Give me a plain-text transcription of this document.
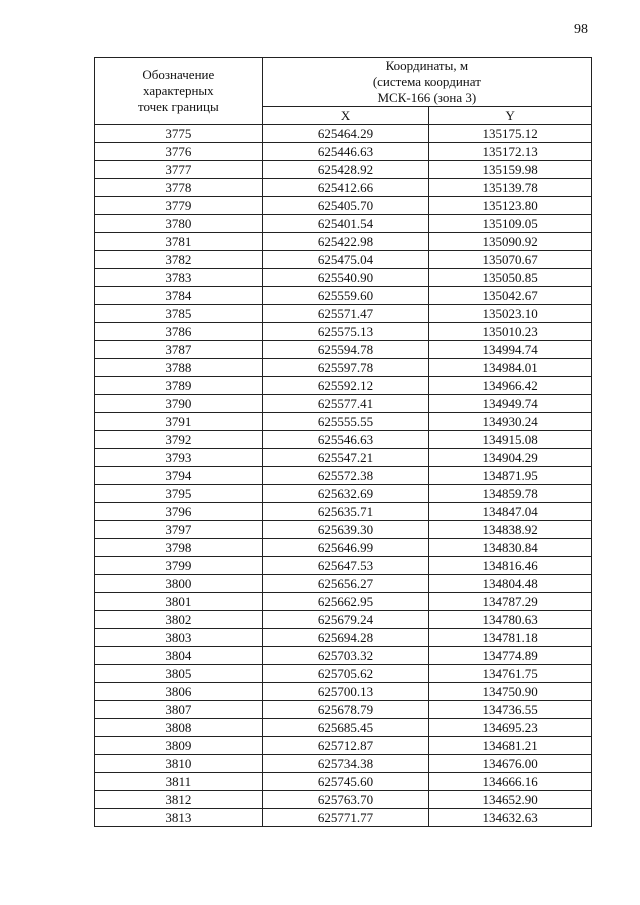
98
Обозначение
характерных
точек границы	Координаты, м
(система координат
МСК-166 (зона 3)	

	X	Y
3775	625464.29	135175.12
3776	625446.63	135172.13
3777	625428.92	135159.98
3778	625412.66	135139.78
3779	625405.70	135123.80
3780	625401.54	135109.05
3781	625422.98	135090.92
3782	625475.04	135070.67
3783	625540.90	135050.85
3784	625559.60	135042.67
3785	625571.47	135023.10
3786	625575.13	135010.23
3787	625594.78	134994.74
3788	625597.78	134984.01
3789	625592.12	134966.42
3790	625577.41	134949.74
3791	625555.55	134930.24
3792	625546.63	134915.08
3793	625547.21	134904.29
3794	625572.38	134871.95
3795	625632.69	134859.78
3796	625635.71	134847.04
3797	625639.30	134838.92
3798	625646.99	134830.84
3799	625647.53	134816.46
3800	625656.27	134804.48
3801	625662.95	134787.29
3802	625679.24	134780.63
3803	625694.28	134781.18
3804	625703.32	134774.89
3805	625705.62	134761.75
3806	625700.13	134750.90
3807	625678.79	134736.55
3808	625685.45	134695.23
3809	625712.87	134681.21
3810	625734.38	134676.00
3811	625745.60	134666.16
3812	625763.70	134652.90
3813	625771.77	134632.63
